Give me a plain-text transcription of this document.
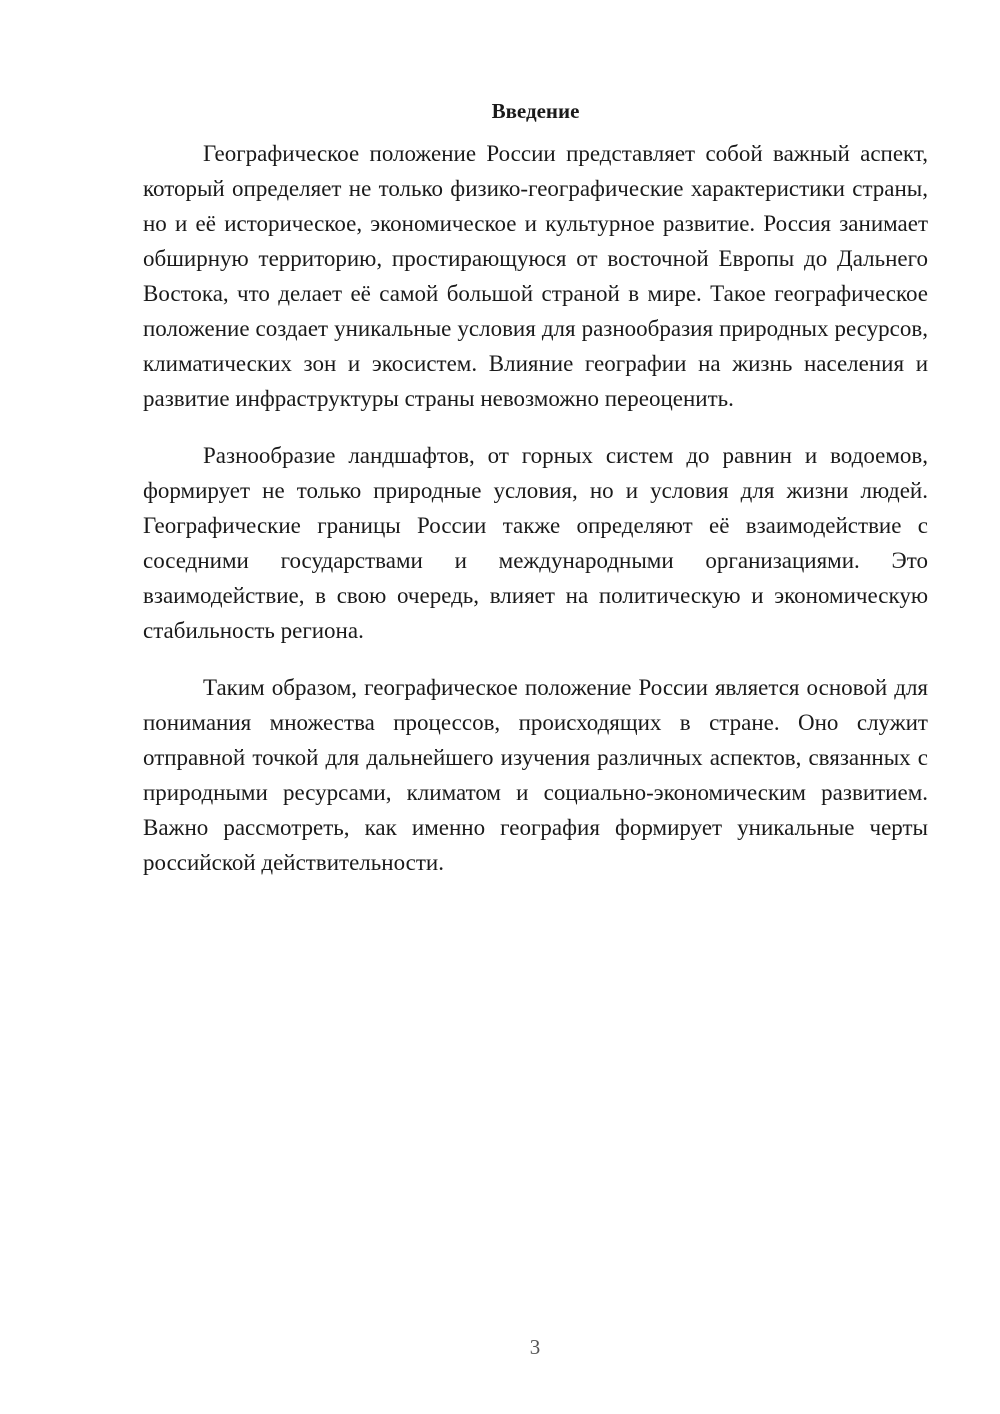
Введение

Географическое положение России представляет собой важный аспект, который определяет не только физико-географические характеристики страны, но и её историческое, экономическое и культурное развитие. Россия занимает обширную территорию, простирающуюся от восточной Европы до Дальнего Востока, что делает её самой большой страной в мире. Такое географическое положение создает уникальные условия для разнообразия природных ресурсов, климатических зон и экосистем. Влияние географии на жизнь населения и развитие инфраструктуры страны невозможно переоценить.

Разнообразие ландшафтов, от горных систем до равнин и водоемов, формирует не только природные условия, но и условия для жизни людей. Географические границы России также определяют её взаимодействие с соседними государствами и международными организациями. Это взаимодействие, в свою очередь, влияет на политическую и экономическую стабильность региона.

Таким образом, географическое положение России является основой для понимания множества процессов, происходящих в стране. Оно служит отправной точкой для дальнейшего изучения различных аспектов, связанных с природными ресурсами, климатом и социально-экономическим развитием. Важно рассмотреть, как именно география формирует уникальные черты российской действительности.

3
